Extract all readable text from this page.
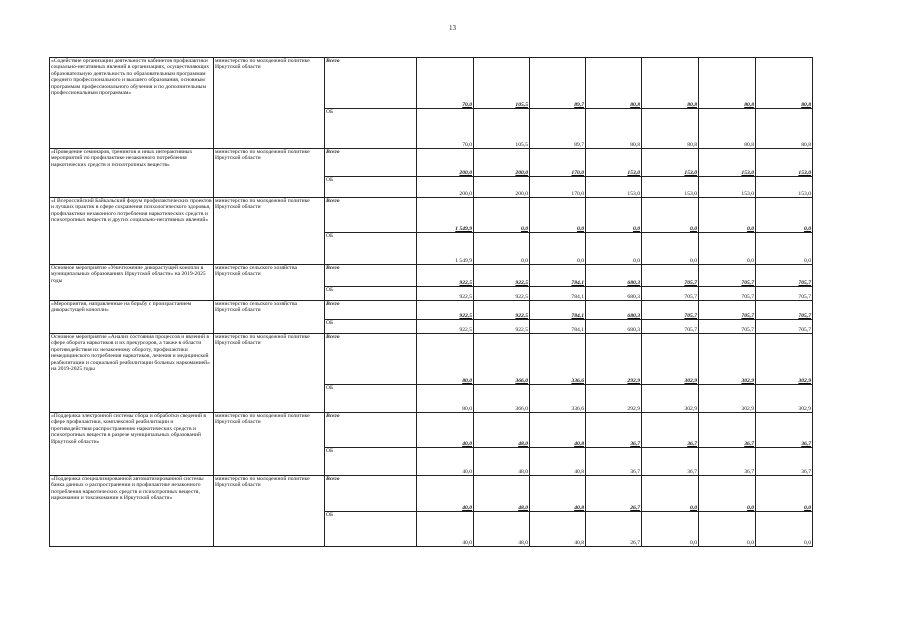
13
«Содействие организации деятельности кабинетов профилактики социально-негативных явлений в организациях, осуществляющих образовательную деятельность по образовательным программам среднего профессионального и высшего образования, основным программам профессионального обучения и по дополнительным профессиональным программам»	министерство по молодежной политике Иркутской области	Всего	70,0	105,5	89,7	80,8	80,8	80,8	80,8
		ОБ	70,0	105,5	89,7	80,8	80,8	80,8	80,8
«Проведение семинаров, тренингов и иных интерактивных мероприятий по профилактике незаконного потребления наркотических средств и психотропных веществ»	министерство по молодежной политике Иркутской области	Всего	200,0	200,0	170,0	153,0	153,0	153,0	153,0
		ОБ	200,0	200,0	170,0	153,0	153,0	153,0	153,0
«I Всероссийский Байкальский форум профилактических проектов и лучших практик в сфере сохранения психологического здоровья, профилактики незаконного потребления наркотических средств и психотропных веществ и других социально-негативных явлений»	министерство по молодежной политике Иркутской области	Всего	1 549,9	0,0	0,0	0,0	0,0	0,0	0,0
		ОБ	1 549,9	0,0	0,0	0,0	0,0	0,0	0,0
Основное мероприятие «Уничтожение дикорастущей конопли в муниципальных образованиях Иркутской области» на 2019-2025 годы	министерство сельского хозяйства Иркутской области	Всего	922,5	922,5	784,1	680,3	705,7	705,7	705,7
		ОБ	922,5	922,5	784,1	680,3	705,7	705,7	705,7
«Мероприятия, направленные на борьбу с произрастанием дикорастущей конопли»	министерство сельского хозяйства Иркутской области	Всего	922,5	922,5	784,1	680,3	705,7	705,7	705,7
		ОБ	922,5	922,5	784,1	680,3	705,7	705,7	705,7
Основное мероприятие «Анализ состояния процессов и явлений в сфере оборота наркотиков и их прекурсоров, а также в области противодействия их незаконному обороту, профилактики немедицинского потребления наркотиков, лечения и медицинской реабилитации и социальной реабилитации больных наркоманией» на 2019-2025 годы	министерство по молодежной политике Иркутской области	Всего	80,0	366,0	336,6	292,9	302,9	302,9	302,9
		ОБ	80,0	366,0	336,6	292,9	302,9	302,9	302,9
«Поддержка электронной системы сбора и обработки сведений в сфере профилактики, комплексной реабилитации и противодействия распространению наркотических средств и психотропных веществ в разрезе муниципальных образований Иркутской области»	министерство по молодежной политике Иркутской области	Всего	40,0	48,0	40,8	36,7	36,7	36,7	36,7
		ОБ	40,0	48,0	40,8	36,7	36,7	36,7	36,7
«Поддержка специализированной автоматизированной системы банка данных о распространении и профилактике незаконного потребления наркотических средств и психотропных веществ, наркомании и токсикомании в Иркутской области»	министерство по молодежной политике Иркутской области	Всего	40,0	48,0	40,8	26,7	0,0	0,0	0,0
		ОБ	40,0	48,0	40,8	26,7	0,0	0,0	0,0
